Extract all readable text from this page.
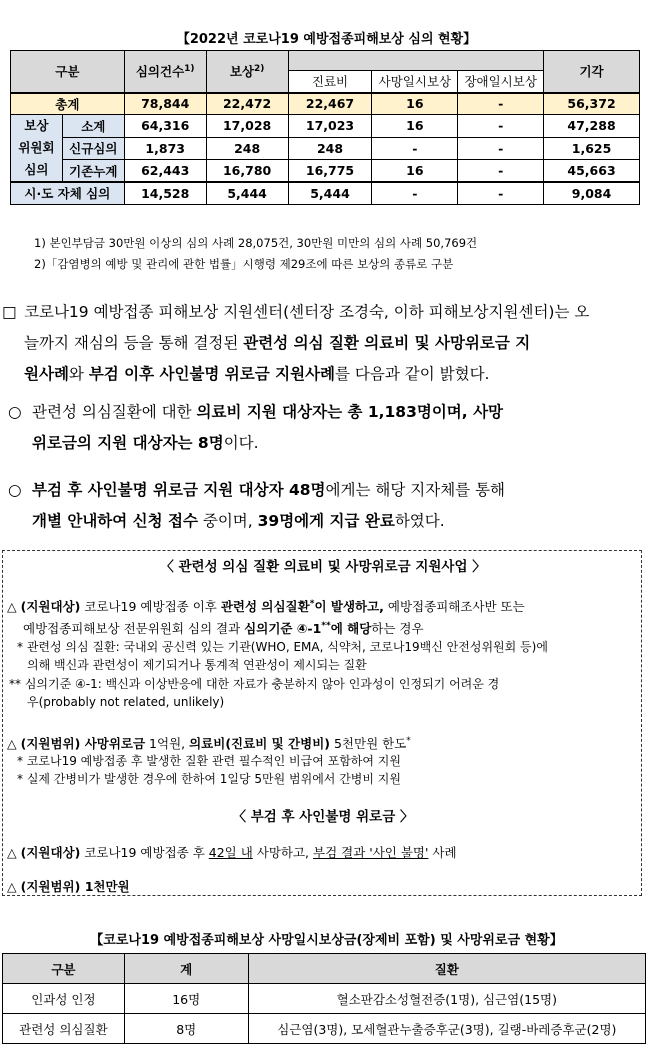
【2022년 코로나19 예방접종피해보상 심의 현황】
구분		심의건수$^{1)}$	보상$^{2)}$				기각
				진료비	사망일시보상	장애일시보상	
총계		78,844	22,472	22,467	16	-	56,372

보상
위원회
심의	소계	64,316	17,028	17,023	16	-	47,288
	신규심의	1,873	248	248	-	-	1,625
	기존누계	62,443	16,780	16,775	16	-	45,663
시·도 자체 심의		14,528	5,444	5,444	-	-	9,084
1) 본인부담금 30만원 이상의 심의 사례 28,075건, 30만원 미만의 심의 사례 50,769건
2)「감염병의 예방 및 관리에 관한 법률」시행령 제29조에 따른 보상의 종류로 구분
□ 코로나19 예방접종 피해보상 지원센터(센터장 조경숙, 이하 피해보상지원센터)는 오
늘까지 재심의 등을 통해 결정된 관련성 의심 질환 의료비 및 사망위로금 지
원사례와 부검 이후 사인불명 위로금 지원사례를 다음과 같이 밝혔다.
○ 관련성 의심질환에 대한 의료비 지원 대상자는 총 1,183명이며, 사망
위로금의 지원 대상자는 8명이다.
○ 부검 후 사인불명 위로금 지원 대상자 48명에게는 해당 지자체를 통해
개별 안내하여 신청 접수 중이며, 39명에게 지급 완료하였다.
〈 관련성 의심 질환 의료비 및 사망위로금 지원사업 〉
△ (지원대상) 코로나19 예방접종 이후 관련성 의심질환*이 발생하고, 예방접종피해조사반 또는
예방접종피해보상 전문위원회 심의 결과 심의기준 ④-1**에 해당하는 경우
* 관련성 의심 질환: 국내외 공신력 있는 기관(WHO, EMA, 식약처, 코로나19백신 안전성위원회 등)에
의해 백신과 관련성이 제기되거나 통계적 연관성이 제시되는 질환
** 심의기준 ④-1: 백신과 이상반응에 대한 자료가 충분하지 않아 인과성이 인정되기 어려운 경
우(probably not related, unlikely)
△ (지원범위) 사망위로금 1억원, 의료비(진료비 및 간병비) 5천만원 한도*
* 코로나19 예방접종 후 발생한 질환 관련 필수적인 비급여 포함하여 지원
* 실제 간병비가 발생한 경우에 한하여 1일당 5만원 범위에서 간병비 지원
〈 부검 후 사인불명 위로금 〉
△ (지원대상) 코로나19 예방접종 후 42일 내 사망하고, 부검 결과 '사인 불명' 사례
△ (지원범위) 1천만원
【코로나19 예방접종피해보상 사망일시보상금(장제비 포함) 및 사망위로금 현황】
구분	계	질환
인과성 인정	16명	혈소판감소성혈전증(1명), 심근염(15명)
관련성 의심질환	8명	심근염(3명), 모세혈관누출증후군(3명), 길랭-바레증후군(2명)
